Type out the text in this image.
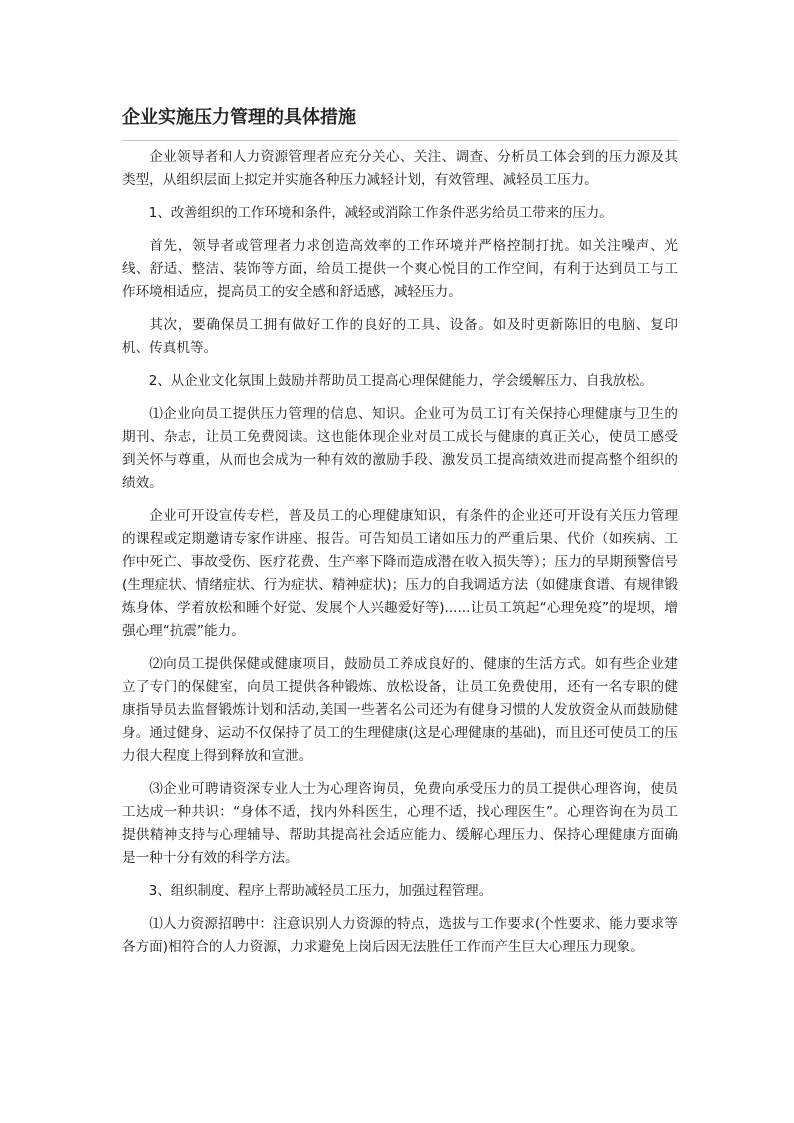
企业实施压力管理的具体措施

企业领导者和人力资源管理者应充分关心、关注、调查、分析员工体会到的压力源及其类型，从组织层面上拟定并实施各种压力减轻计划，有效管理、减轻员工压力。

1、改善组织的工作环境和条件，减轻或消除工作条件恶劣给员工带来的压力。

首先，领导者或管理者力求创造高效率的工作环境并严格控制打扰。如关注噪声、光线、舒适、整洁、装饰等方面，给员工提供一个爽心悦目的工作空间，有利于达到员工与工作环境相适应，提高员工的安全感和舒适感，减轻压力。

其次，要确保员工拥有做好工作的良好的工具、设备。如及时更新陈旧的电脑、复印机、传真机等。

2、从企业文化氛围上鼓励并帮助员工提高心理保健能力，学会缓解压力、自我放松。

⑴企业向员工提供压力管理的信息、知识。企业可为员工订有关保持心理健康与卫生的期刊、杂志，让员工免费阅读。这也能体现企业对员工成长与健康的真正关心，使员工感受到关怀与尊重，从而也会成为一种有效的激励手段、激发员工提高绩效进而提高整个组织的绩效。

企业可开设宣传专栏，普及员工的心理健康知识，有条件的企业还可开设有关压力管理的课程或定期邀请专家作讲座、报告。可告知员工诸如压力的严重后果、代价（如疾病、工作中死亡、事故受伤、医疗花费、生产率下降而造成潜在收入损失等）；压力的早期预警信号(生理症状、情绪症状、行为症状、精神症状)；压力的自我调适方法（如健康食谱、有规律锻炼身体、学着放松和睡个好觉、发展个人兴趣爱好等)......让员工筑起“心理免疫”的堤坝，增强心理“抗震”能力。

⑵向员工提供保健或健康项目，鼓励员工养成良好的、健康的生活方式。如有些企业建立了专门的保健室，向员工提供各种锻炼、放松设备，让员工免费使用，还有一名专职的健康指导员去监督锻炼计划和活动,美国一些著名公司还为有健身习惯的人发放资金从而鼓励健身。通过健身、运动不仅保持了员工的生理健康(这是心理健康的基础)，而且还可使员工的压力很大程度上得到释放和宣泄。

⑶企业可聘请资深专业人士为心理咨询员，免费向承受压力的员工提供心理咨询，使员工达成一种共识：“身体不适，找内外科医生，心理不适，找心理医生”。心理咨询在为员工提供精神支持与心理辅导、帮助其提高社会适应能力、缓解心理压力、保持心理健康方面确是一种十分有效的科学方法。

3、组织制度、程序上帮助减轻员工压力，加强过程管理。

⑴人力资源招聘中：注意识别人力资源的特点，选拔与工作要求(个性要求、能力要求等各方面)相符合的人力资源，力求避免上岗后因无法胜任工作而产生巨大心理压力现象。
